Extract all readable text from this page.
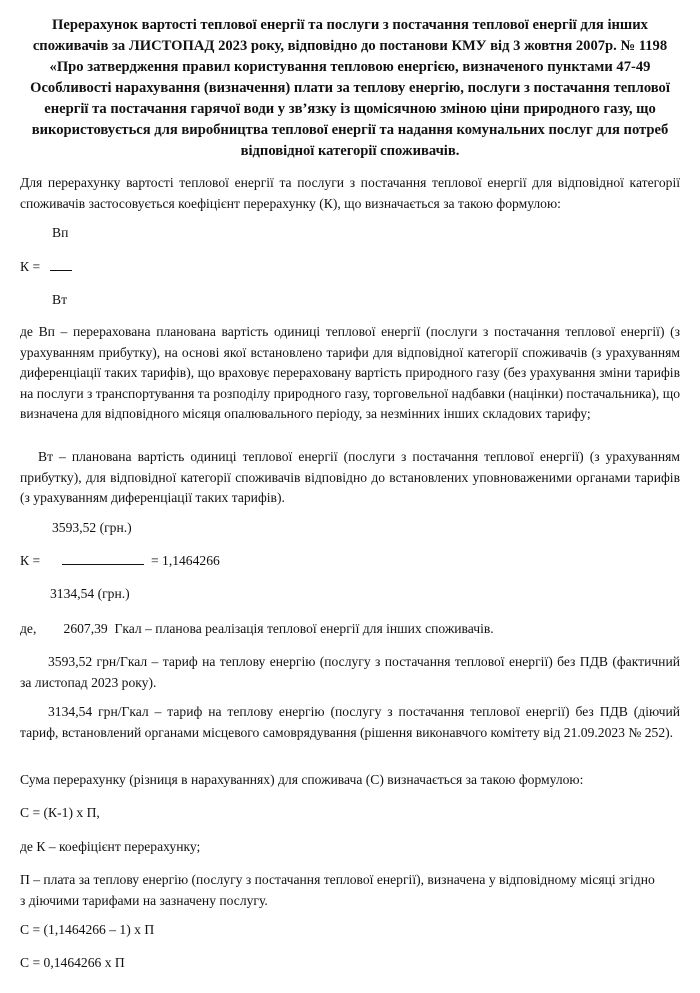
Перерахунок вартості теплової енергії та послуги з постачання теплової енергії для інших споживачів за ЛИСТОПАД 2023 року, відповідно до постанови КМУ від 3 жовтня 2007р. № 1198 «Про затвердження правил користування тепловою енергією, визначеного пунктами 47-49 Особливості нарахування (визначення) плати за теплову енергію, послуги з постачання теплової енергії та постачання гарячої води у зв’язку із щомісячною зміною ціни природного газу, що використовується для виробництва теплової енергії та надання комунальних послуг для потреб відповідної категорії споживачів.
Для перерахунку вартості теплової енергії та послуги з постачання теплової енергії для відповідної категорії споживачів застосовується коефіцієнт перерахунку (К), що визначається за такою формулою:
Вп
К =
Вт
де Вп – перерахована планована вартість одиниці теплової енергії (послуги з постачання теплової енергії) (з урахуванням прибутку), на основі якої встановлено тарифи для відповідної категорії споживачів (з урахуванням диференціації таких тарифів), що враховує перераховану вартість природного газу (без урахування зміни тарифів на послуги з транспортування та розподілу природного газу, торговельної надбавки (націнки) постачальника), що визначена для відповідного місяця опалювального періоду, за незмінних інших складових тарифу;
Вт – планована вартість одиниці теплової енергії (послуги з постачання теплової енергії) (з урахуванням прибутку), для відповідної категорії споживачів відповідно до встановлених уповноваженими органами тарифів (з урахуванням диференціації таких тарифів).
3593,52 (грн.)
К =	= 1,1464266
3134,54 (грн.)
де,        2607,39  Гкал – планова реалізація теплової енергії для інших споживачів.
3593,52 грн/Гкал – тариф на теплову енергію (послугу з постачання теплової енергії) без ПДВ (фактичний за листопад 2023 року).
3134,54 грн/Гкал – тариф на теплову енергію (послугу з постачання теплової енергії) без ПДВ (діючий тариф, встановлений органами місцевого самоврядування (рішення виконавчого комітету від 21.09.2023 № 252).
Сума перерахунку (різниця в нарахуваннях) для споживача (С) визначається за такою формулою:
С = (К-1) х П,
де К – коефіцієнт перерахунку;
П – плата за теплову енергію (послугу з постачання теплової енергії), визначена у відповідному місяці згідно з діючими тарифами на зазначену послугу.
С = (1,1464266 – 1) х П
С = 0,1464266 х П
